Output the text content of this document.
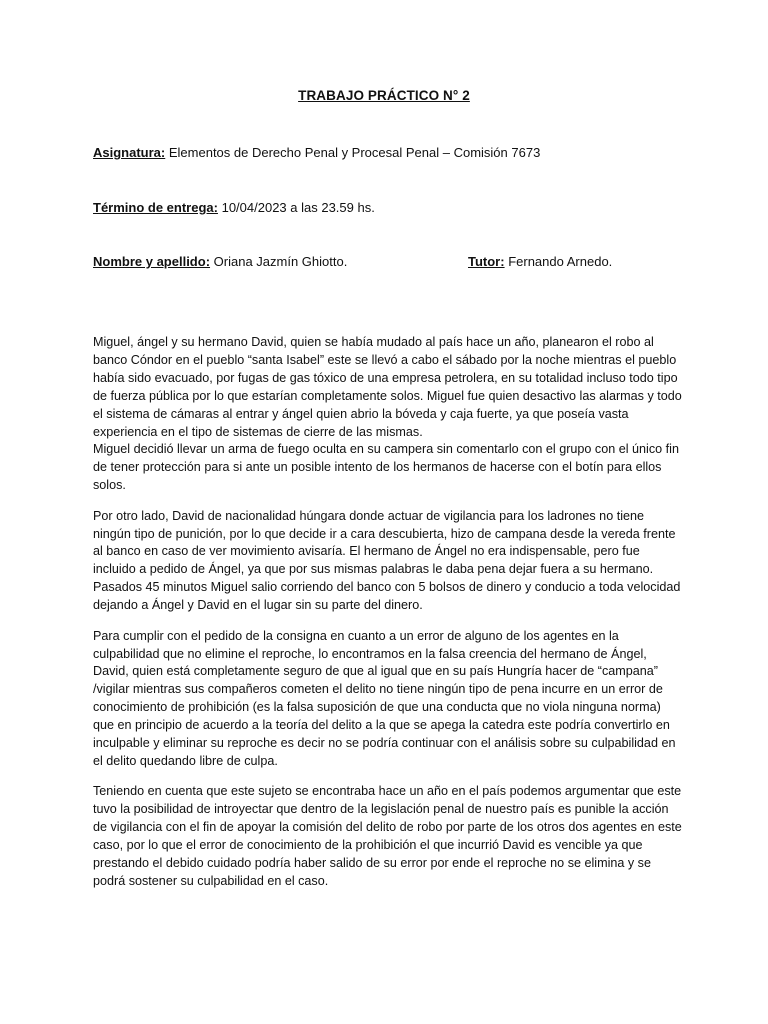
TRABAJO PRÁCTICO N° 2
Asignatura: Elementos de Derecho Penal y Procesal Penal – Comisión 7673
Término de entrega: 10/04/2023 a las 23.59 hs.
Nombre y apellido: Oriana Jazmín Ghiotto.	Tutor: Fernando Arnedo.

Miguel, ángel y su hermano David, quien se había mudado al país hace un año, planearon el robo al banco Cóndor en el pueblo “santa Isabel” este se llevó a cabo el sábado por la noche mientras el pueblo había sido evacuado, por fugas de gas tóxico de una empresa petrolera, en su totalidad incluso todo tipo de fuerza pública por lo que estarían completamente solos. Miguel fue quien desactivo las alarmas y todo el sistema de cámaras al entrar y ángel quien abrio la bóveda y caja fuerte, ya que poseía vasta experiencia en el tipo de sistemas de cierre de las mismas.

Miguel decidió llevar un arma de fuego oculta en su campera sin comentarlo con el grupo con el único fin de tener protección para si ante un posible intento de los hermanos de hacerse con el botín para ellos solos.

Por otro lado, David de nacionalidad húngara donde actuar de vigilancia para los ladrones no tiene ningún tipo de punición, por lo que decide ir a cara descubierta, hizo de campana desde la vereda frente al banco en caso de ver movimiento avisaría. El hermano de Ángel no era indispensable, pero fue incluido a pedido de Ángel, ya que por sus mismas palabras le daba pena dejar fuera a su hermano. Pasados 45 minutos Miguel salio corriendo del banco con 5 bolsos de dinero y conducio a toda velocidad dejando a Ángel y David en el lugar sin su parte del dinero.

Para cumplir con el pedido de la consigna en cuanto a un error de alguno de los agentes en la culpabilidad que no elimine el reproche, lo encontramos en la falsa creencia del hermano de Ángel, David, quien está completamente seguro de que al igual que en su país Hungría hacer de “campana” /vigilar mientras sus compañeros cometen el delito no tiene ningún tipo de pena incurre en un error de conocimiento de prohibición (es la falsa suposición de que una conducta que no viola ninguna norma) que en principio de acuerdo a la teoría del delito a la que se apega la catedra este podría convertirlo en inculpable y eliminar su reproche es decir no se podría continuar con el análisis sobre su culpabilidad en el delito quedando libre de culpa.

Teniendo en cuenta que este sujeto se encontraba hace un año en el país podemos argumentar que este tuvo la posibilidad de introyectar que dentro de la legislación penal de nuestro país es punible la acción de vigilancia con el fin de apoyar la comisión del delito de robo por parte de los otros dos agentes en este caso, por lo que el error de conocimiento de la prohibición el que incurrió David es vencible ya que prestando el debido cuidado podría haber salido de su error por ende el reproche no se elimina y se podrá sostener su culpabilidad en el caso.
